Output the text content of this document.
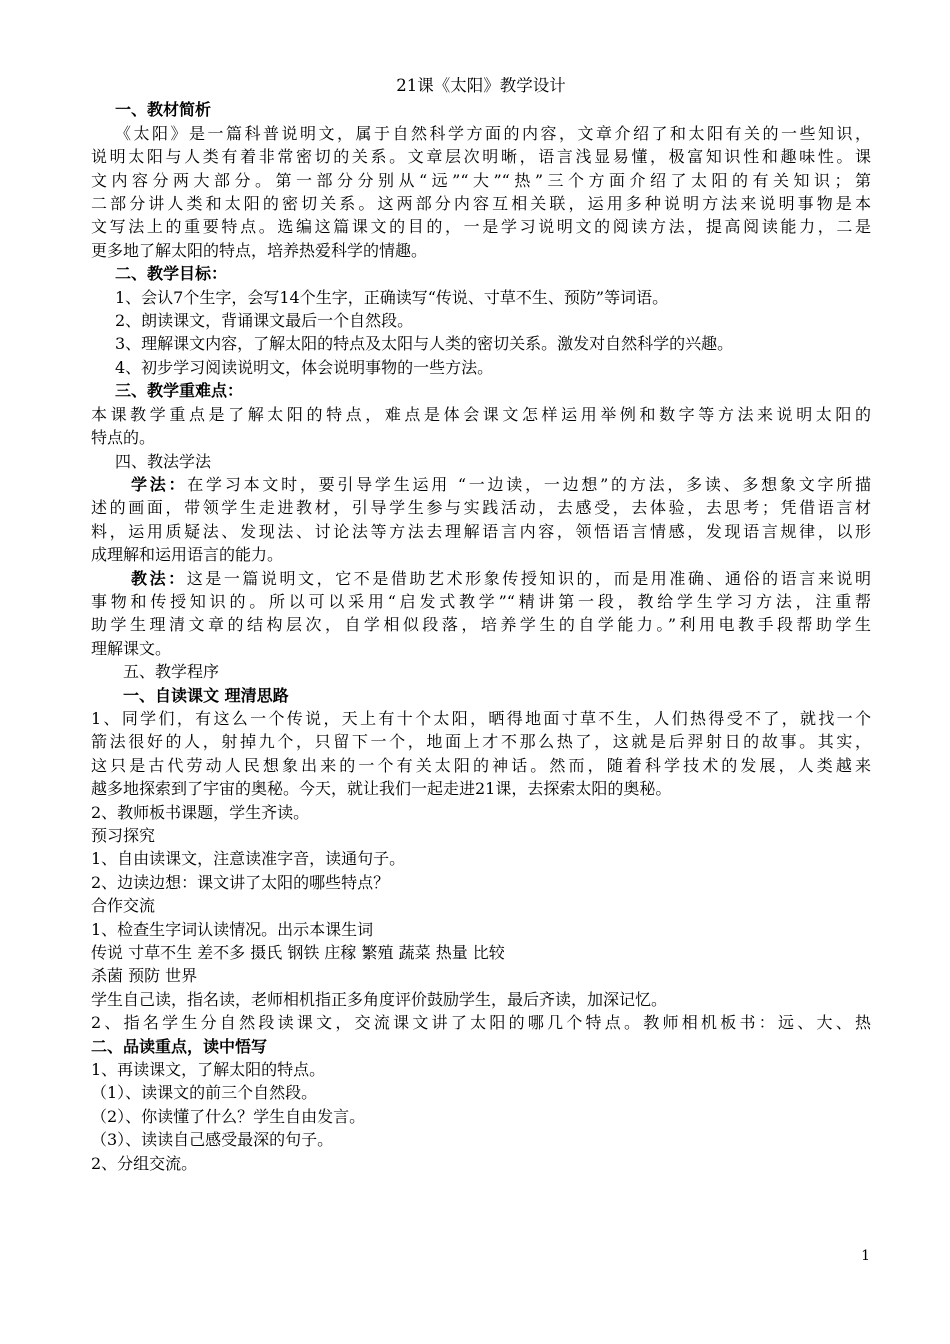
21课《太阳》教学设计
一、教材简析
《太阳》是一篇科普说明文，属于自然科学方面的内容，文章介绍了和太阳有关的一些知识，
说明太阳与人类有着非常密切的关系。文章层次明晰，语言浅显易懂，极富知识性和趣味性。课
文内容分两大部分。第一部分分别从“远”“大”“热”三个方面介绍了太阳的有关知识；第
二部分讲人类和太阳的密切关系。这两部分内容互相关联，运用多种说明方法来说明事物是本
文写法上的重要特点。选编这篇课文的目的，一是学习说明文的阅读方法，提高阅读能力，二是
更多地了解太阳的特点，培养热爱科学的情趣。
二、教学目标：
1、会认7个生字，会写14个生字，正确读写“传说、寸草不生、预防”等词语。
2、朗读课文，背诵课文最后一个自然段。
3、理解课文内容，了解太阳的特点及太阳与人类的密切关系。激发对自然科学的兴趣。
4、初步学习阅读说明文，体会说明事物的一些方法。
三、教学重难点：
本课教学重点是了解太阳的特点，难点是体会课文怎样运用举例和数字等方法来说明太阳的
特点的。
四、教法学法
学法：在学习本文时，要引导学生运用 “一边读，一边想”的方法，多读、多想象文字所描
述的画面，带领学生走进教材，引导学生参与实践活动，去感受，去体验，去思考；凭借语言材
料，运用质疑法、发现法、讨论法等方法去理解语言内容，领悟语言情感，发现语言规律，以形
成理解和运用语言的能力。
教法：这是一篇说明文，它不是借助艺术形象传授知识的，而是用准确、通俗的语言来说明
事物和传授知识的。所以可以采用“启发式教学”“精讲第一段，教给学生学习方法，注重帮
助学生理清文章的结构层次，自学相似段落，培养学生的自学能力。”利用电教手段帮助学生
理解课文。
五、教学程序
一、自读课文 理清思路
1、同学们，有这么一个传说，天上有十个太阳，晒得地面寸草不生，人们热得受不了，就找一个
箭法很好的人，射掉九个，只留下一个，地面上才不那么热了，这就是后羿射日的故事。其实，
这只是古代劳动人民想象出来的一个有关太阳的神话。然而，随着科学技术的发展，人类越来
越多地探索到了宇宙的奥秘。今天，就让我们一起走进21课，去探索太阳的奥秘。
2、教师板书课题，学生齐读。
预习探究
1、自由读课文，注意读准字音，读通句子。
2、边读边想：课文讲了太阳的哪些特点？
合作交流
1、检查生字词认读情况。出示本课生词
传说 寸草不生 差不多 摄氏 钢铁 庄稼 繁殖 蔬菜 热量 比较
杀菌 预防 世界
学生自己读，指名读，老师相机指正多角度评价鼓励学生，最后齐读，加深记忆。
2、指名学生分自然段读课文，交流课文讲了太阳的哪几个特点。教师相机板书：远、大、热
二、品读重点，读中悟写
1、再读课文，了解太阳的特点。
（1）、读课文的前三个自然段。
（2）、你读懂了什么？学生自由发言。
（3）、读读自己感受最深的句子。
2、分组交流。
1
